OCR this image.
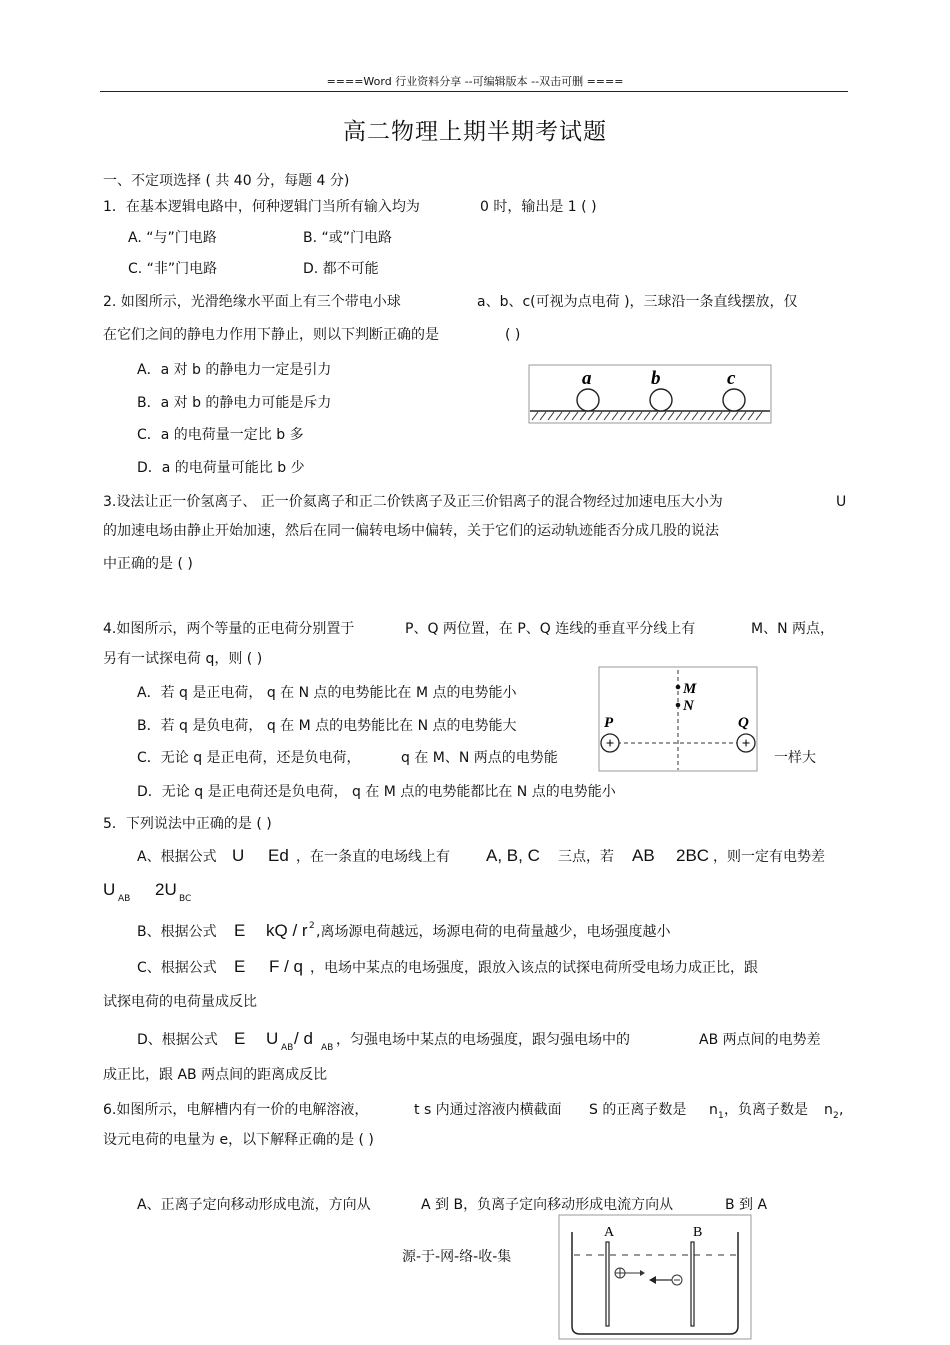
====Word 行业资料分享 --可编辑版本 --双击可删 ====
高二物理上期半期考试题
一、不定项选择 ( 共 40 分，每题 4 分)
1．在基本逻辑电路中，何种逻辑门当所有输入均为	0 时，输出是 1 ( )
A. “与”门电路	B. “或”门电路
C. “非”门电路	D. 都不可能
2. 如图所示，光滑绝缘水平面上有三个带电小球	a、b、c(可视为点电荷 )，三球沿一条直线摆放，仅
在它们之间的静电力作用下静止，则以下判断正确的是	( )
A．a 对 b 的静电力一定是引力
B．a 对 b 的静电力可能是斥力
C．a 的电荷量一定比 b 多
D．a 的电荷量可能比 b 少
a	b	c
3.设法让正一价氢离子、 正一价氦离子和正二价铁离子及正三价铝离子的混合物经过加速电压大小为	U
的加速电场由静止开始加速，然后在同一偏转电场中偏转，关于它们的运动轨迹能否分成几股的说法
中正确的是 ( )
4.如图所示，两个等量的正电荷分别置于	P、Q 两位置，在 P、Q 连线的垂直平分线上有	M、N 两点，
另有一试探电荷 q，则 ( )
A．若 q 是正电荷， q 在 N 点的电势能比在 M 点的电势能小
B．若 q 是负电荷， q 在 M 点的电势能比在 N 点的电势能大
C．无论 q 是正电荷，还是负电荷，	q 在 M、N 两点的电势能	一样大
D．无论 q 是正电荷还是负电荷， q 在 M 点的电势能都比在 N 点的电势能小
M
N
P	Q
+	+
5．下列说法中正确的是 ( )
A、根据公式 U Ed ，在一条直的电场线上有 A, B, C 三点，若 AB 2BC ，则一定有电势差
U AB 2U BC
B、根据公式 E kQ / r 2 ,离场源电荷越远，场源电荷的电荷量越少，电场强度越小
C、根据公式 E F / q ，电场中某点的电场强度，跟放入该点的试探电荷所受电场力成正比，跟
试探电荷的电荷量成反比
D、根据公式 E U AB / d AB ，匀强电场中某点的电场强度，跟匀强电场中的	AB 两点间的电势差
成正比，跟 AB 两点间的距离成反比
6.如图所示，电解槽内有一价的电解溶液，	t s 内通过溶液内横截面 S 的正离子数是 n 1 ，负离子数是 n 2 ,
设元电荷的电量为 e，以下解释正确的是 ( )
A、正离子定向移动形成电流，方向从	A 到 B，负离子定向移动形成电流方向从	B 到 A
A	B
源-于-网-络-收-集
